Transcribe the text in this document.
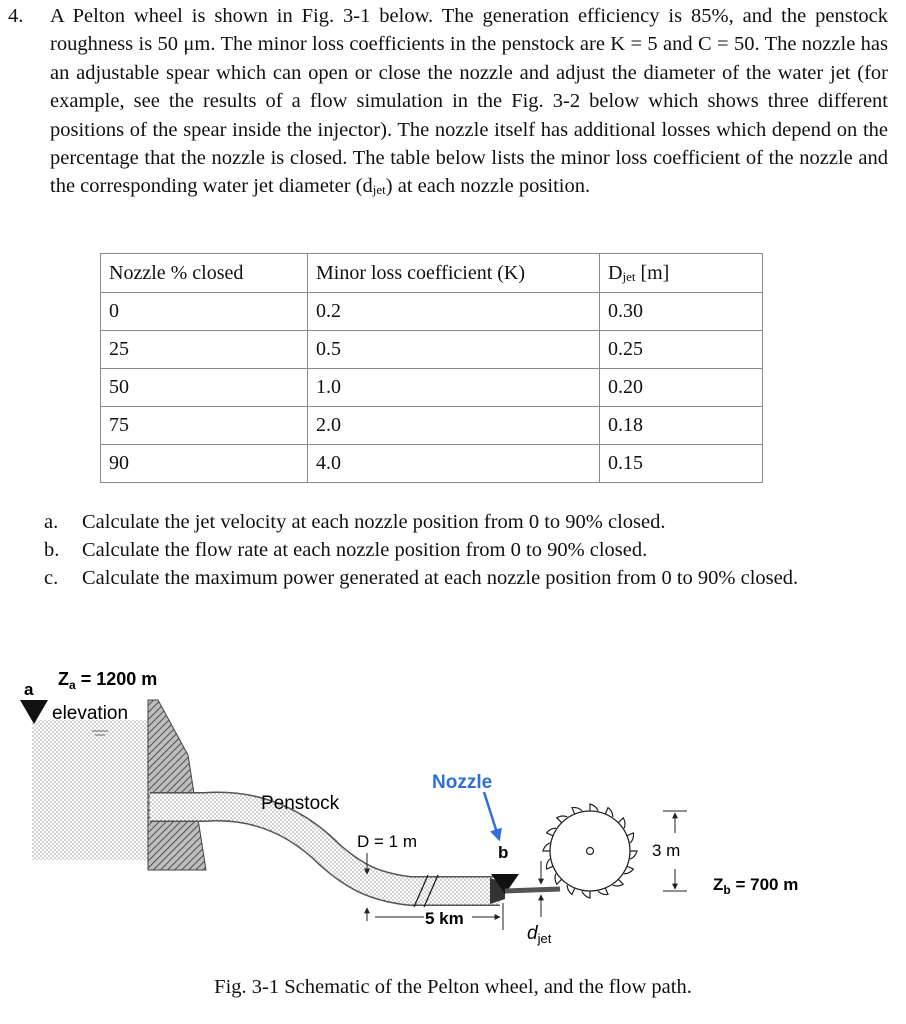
4. A Pelton wheel is shown in Fig. 3-1 below. The generation efficiency is 85%, and the penstock roughness is 50 μm. The minor loss coefficients in the penstock are K = 5 and C = 50. The nozzle has an adjustable spear which can open or close the nozzle and adjust the diameter of the water jet (for example, see the results of a flow simulation in the Fig. 3-2 below which shows three different positions of the spear inside the injector). The nozzle itself has additional losses which depend on the percentage that the nozzle is closed. The table below lists the minor loss coefficient of the nozzle and the corresponding water jet diameter $(d_{jet})$ at each nozzle position.
Nozzle % closed	Minor loss coefficient (K)	$D_{jet}$ [m]
0	0.2	0.30
25	0.5	0.25
50	1.0	0.20
75	2.0	0.18
90	4.0	0.15
a. Calculate the jet velocity at each nozzle position from 0 to 90% closed.
b. Calculate the flow rate at each nozzle position from 0 to 90% closed.
c. Calculate the maximum power generated at each nozzle position from 0 to 90% closed.
$Z_a = 1200$ m
a
elevation
Nozzle
Penstock
D = 1 m
b	3 m
$Z_b = 700$ m
5 km
$d_{jet}$
Fig. 3-1 Schematic of the Pelton wheel, and the flow path.
